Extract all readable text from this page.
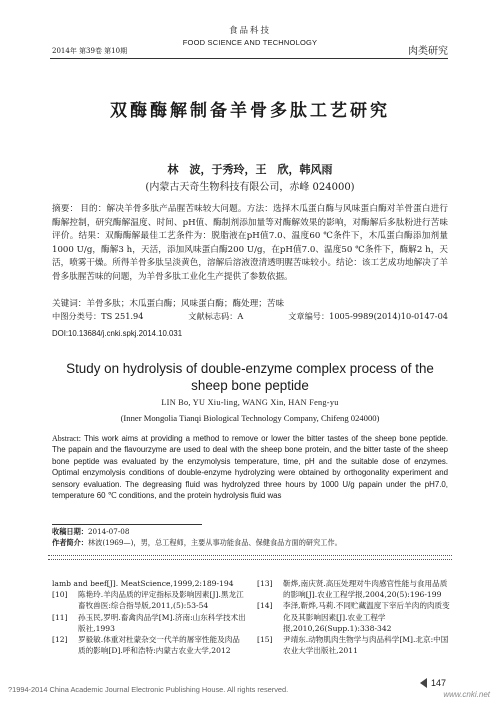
食品科技
2014年 第39卷 第10期
FOOD SCIENCE AND TECHNOLOGY
肉类研究
双酶酶解制备羊骨多肽工艺研究
林　波，于秀玲，王　欣，韩风雨
(内蒙古天奇生物科技有限公司，赤峰 024000)
摘要： 目的：解决羊骨多肽产品腥苦味较大问题。方法：选择木瓜蛋白酶与风味蛋白酶对羊骨蛋白进行酶解控制，研究酶解温度、时间、pH值、酶制剂添加量等对酶解效果的影响，对酶解后多肽粉进行苦味评价。结果：双酶酶解最佳工艺条件为：脱脂液在pH值7.0、温度60 ℃条件下，木瓜蛋白酶添加剂量1000 U/g，酶解3 h，天活，添加风味蛋白酶200 U/g，在pH值7.0、温度50 ℃条件下，酶解2 h，天活，喷雾干燥。所得羊骨多肽呈淡黄色，溶解后溶液澄清透明腥苦味较小。结论：该工艺成功地解决了羊骨多肽腥苦味的问题，为羊骨多肽工业化生产提供了参数依据。
关键词：羊骨多肽；木瓜蛋白酶；风味蛋白酶；酶处理；苦味
中图分类号：TS 251.94	文献标志码：A	文章编号：1005-9989(2014)10-0147-04
DOI:10.13684/j.cnki.spkj.2014.10.031
Study on hydrolysis of double-enzyme complex process of the sheep bone peptide
LIN Bo, YU Xiu-ling, WANG Xin, HAN Feng-yu
(Inner Mongolia Tianqi Biological Technology Company, Chifeng 024000)
Abstract: This work aims at providing a method to remove or lower the bitter tastes of the sheep bone peptide. The papain and the flavourzyme are used to deal with the sheep bone protein, and the bitter taste of the sheep bone peptide was evaluated by the enzymolysis temperature, time, pH and the suitable dose of enzymes. Optimal enzymolysis conditions of double-enzyme hydrolyzing were obtained by orthogonality experiment and sensory evaluation. The degreasing fluid was hydrolyzed three hours by 1000 U/g papain under the pH7.0, temperature 60 ℃ conditions, and the protein hydrolysis fluid was
收稿日期：2014-07-08
作者简介：林波(1969—)，男，总工程师，主要从事功能食品、保健食品方面的研究工作。
lamb and beef[J]. MeatScience,1999,2:189-194
[10]	陈艳玲.羊肉品质的评定指标及影响因素[J].黑龙江畜牧兽医:综合指导版,2011,(5):53-54
[11]	孙玉民,罗明.畜禽肉品学[M].济南:山东科学技术出版社,1993
[12]	罗毅敏.体重对杜蒙杂交一代羊的屠宰性能及肉品质的影响[D].呼和浩特:内蒙古农业大学,2012
[13]	靳烨,南庆贤.高压处理对牛肉感官性能与食用品质的影响[J].农业工程学报,2004,20(5):196-199
[14]	李泽,靳烨,马莉.不同贮藏温度下宰后羊肉的肉质变化及其影响因素[J].农业工程学报,2010,26(Supp.1):338-342
[15]	尹靖东.动物肌肉生物学与肉品科学[M].北京:中国农业大学出版社,2011
147
?1994-2014 China Academic Journal Electronic Publishing House. All rights reserved.
www.cnki.net
